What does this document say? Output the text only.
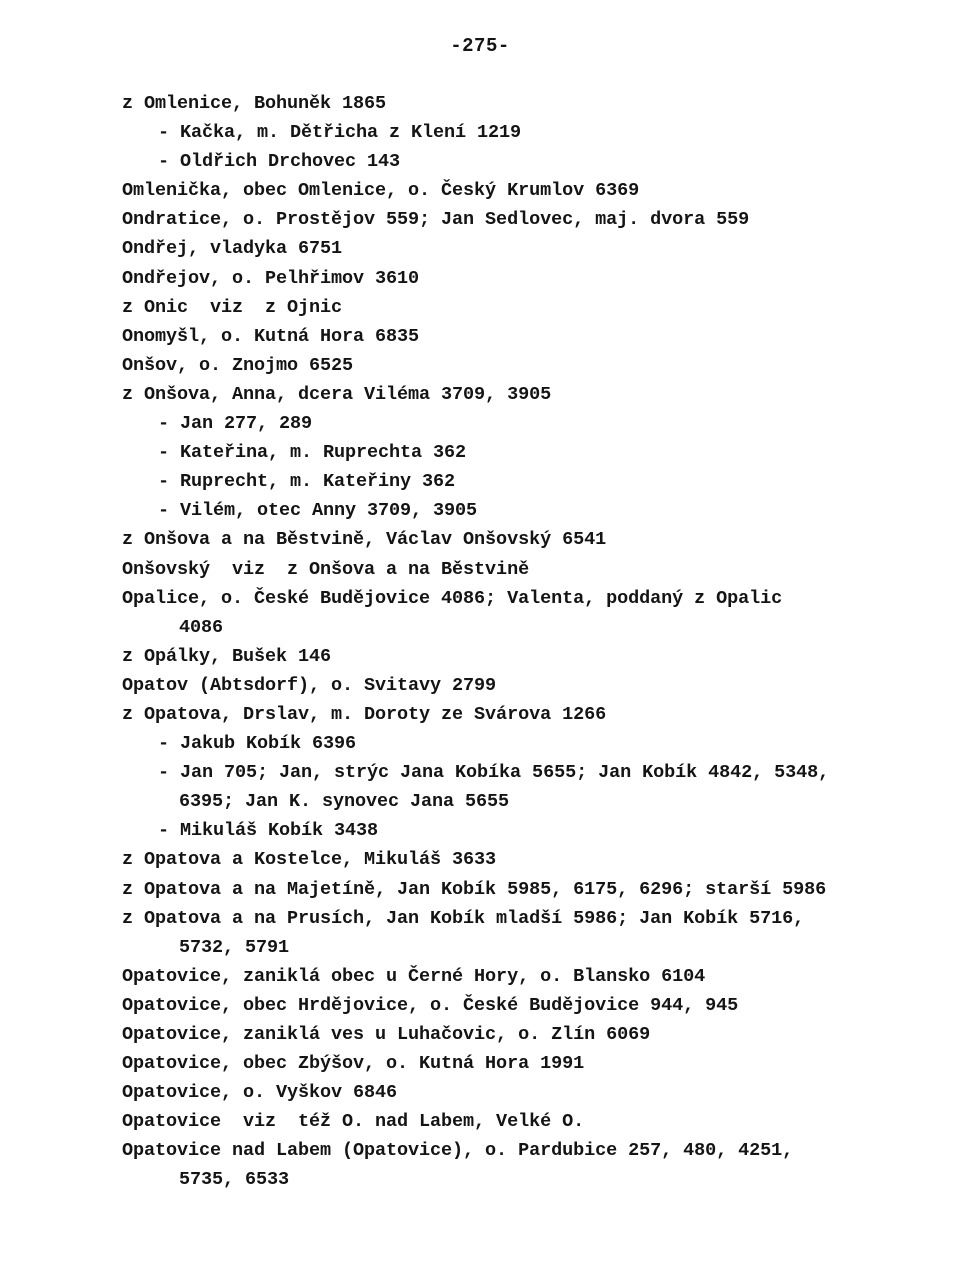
-275-
z Omlenice, Bohuněk 1865
- Kačka, m. Dětřicha z Klení 1219
- Oldřich Drchovec 143
Omlenička, obec Omlenice, o. Český Krumlov 6369
Ondratice, o. Prostějov 559; Jan Sedlovec, maj. dvora 559
Ondřej, vladyka 6751
Ondřejov, o. Pelhřimov 3610
z Onic  viz  z Ojnic
Onomyšl, o. Kutná Hora 6835
Onšov, o. Znojmo 6525
z Onšova, Anna, dcera Viléma 3709, 3905
- Jan 277, 289
- Kateřina, m. Ruprechta 362
- Ruprecht, m. Kateřiny 362
- Vilém, otec Anny 3709, 3905
z Onšova a na Běstvině, Václav Onšovský 6541
Onšovský  viz  z Onšova a na Běstvině
Opalice, o. České Budějovice 4086; Valenta, poddaný z Opalic
4086
z Opálky, Bušek 146
Opatov (Abtsdorf), o. Svitavy 2799
z Opatova, Drslav, m. Doroty ze Svárova 1266
- Jakub Kobík 6396
- Jan 705; Jan, strýc Jana Kobíka 5655; Jan Kobík 4842, 5348,
6395; Jan K. synovec Jana 5655
- Mikuláš Kobík 3438
z Opatova a Kostelce, Mikuláš 3633
z Opatova a na Majetíně, Jan Kobík 5985, 6175, 6296; starší 5986
z Opatova a na Prusích, Jan Kobík mladší 5986; Jan Kobík 5716,
5732, 5791
Opatovice, zaniklá obec u Černé Hory, o. Blansko 6104
Opatovice, obec Hrdějovice, o. České Budějovice 944, 945
Opatovice, zaniklá ves u Luhačovic, o. Zlín 6069
Opatovice, obec Zbýšov, o. Kutná Hora 1991
Opatovice, o. Vyškov 6846
Opatovice  viz  též O. nad Labem, Velké O.
Opatovice nad Labem (Opatovice), o. Pardubice 257, 480, 4251,
5735, 6533
